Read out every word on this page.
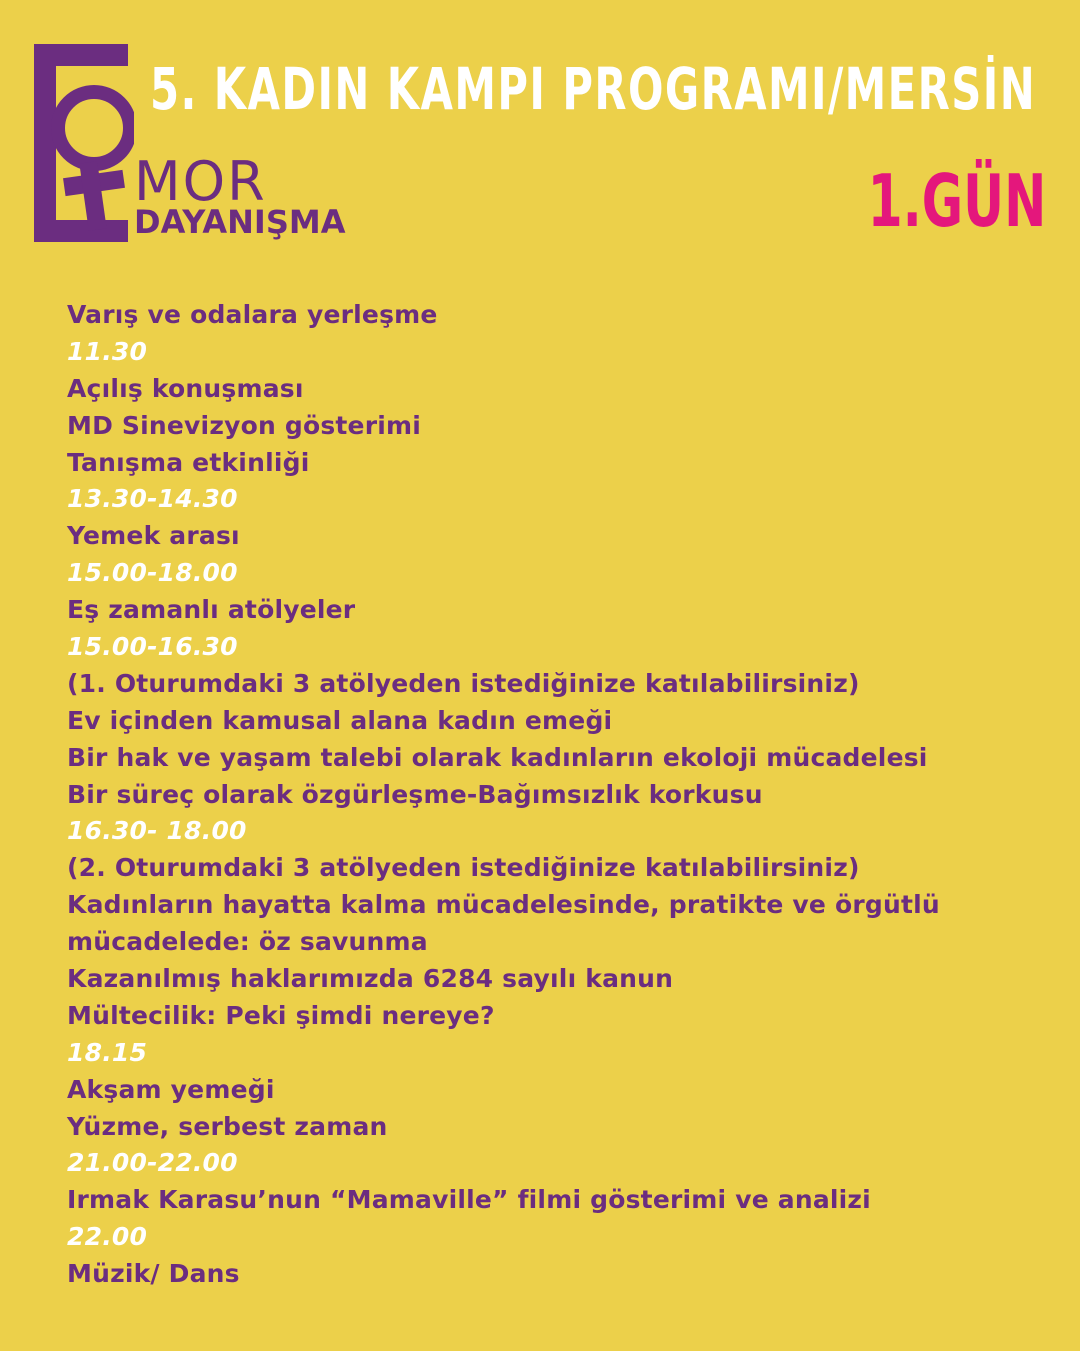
MOR
DAYANIŞMA
5. KADIN KAMPI PROGRAMI/MERSİN
1.GÜN
Varış ve odalara yerleşme
11.30
Açılış konuşması
MD Sinevizyon gösterimi
Tanışma etkinliği
13.30-14.30
Yemek arası
15.00-18.00
Eş zamanlı atölyeler
15.00-16.30
(1. Oturumdaki 3 atölyeden istediğinize katılabilirsiniz)
Ev içinden kamusal alana kadın emeği
Bir hak ve yaşam talebi olarak kadınların ekoloji mücadelesi
Bir süreç olarak özgürleşme-Bağımsızlık korkusu
16.30- 18.00
(2. Oturumdaki 3 atölyeden istediğinize katılabilirsiniz)
Kadınların hayatta kalma mücadelesinde, pratikte ve örgütlü
mücadelede: öz savunma
Kazanılmış haklarımızda 6284 sayılı kanun
Mültecilik: Peki şimdi nereye?
18.15
Akşam yemeği
Yüzme, serbest zaman
21.00-22.00
Irmak Karasu’nun “Mamaville” filmi gösterimi ve analizi
22.00
Müzik/ Dans
